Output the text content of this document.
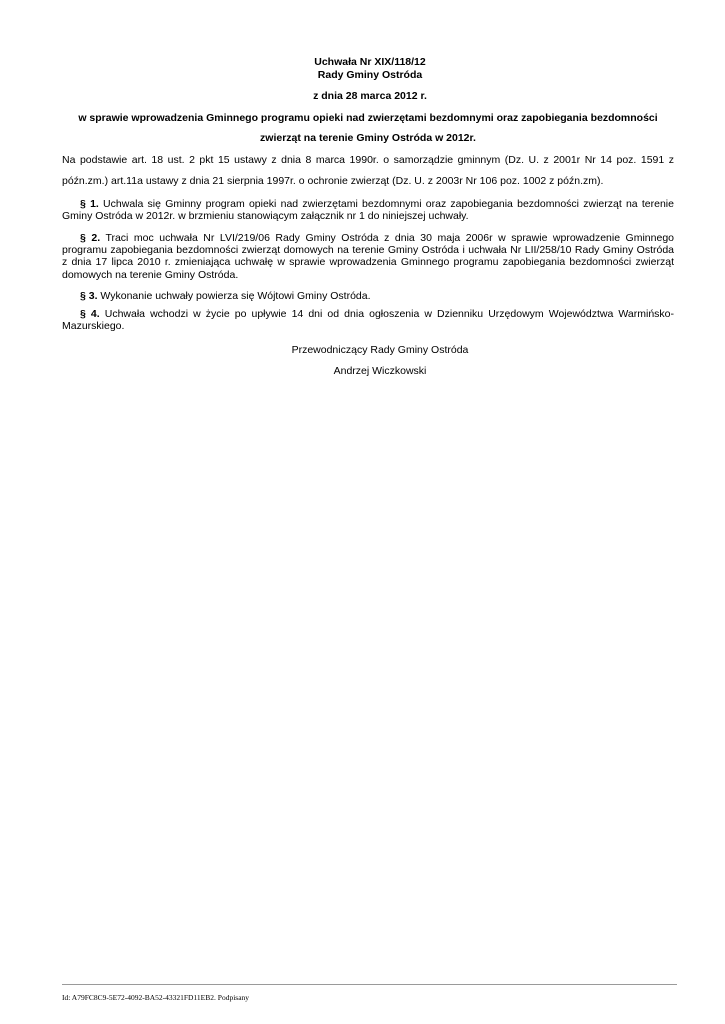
Uchwała Nr XIX/118/12
Rady Gminy Ostróda
z dnia 28 marca 2012 r.
w sprawie wprowadzenia Gminnego programu opieki nad zwierzętami bezdomnymi oraz zapobiegania bezdomności
zwierząt na terenie Gminy Ostróda w 2012r.
Na podstawie art. 18 ust. 2 pkt 15 ustawy z dnia 8 marca 1990r. o samorządzie gminnym (Dz. U. z 2001r Nr 14 poz. 1591 z późn.zm.) art.11a ustawy z dnia 21 sierpnia 1997r. o ochronie zwierząt (Dz. U. z 2003r Nr 106 poz. 1002 z późn.zm).
§ 1. Uchwala się Gminny program opieki nad zwierzętami bezdomnymi oraz zapobiegania bezdomności zwierząt na terenie Gminy Ostróda w 2012r. w brzmieniu stanowiącym załącznik nr 1 do niniejszej uchwały.
§ 2. Traci moc uchwała Nr LVI/219/06 Rady Gminy Ostróda z dnia 30 maja 2006r w sprawie wprowadzenie Gminnego programu zapobiegania bezdomności zwierząt domowych na terenie Gminy Ostróda i uchwała Nr LII/258/10 Rady Gminy Ostróda z dnia 17 lipca 2010 r. zmieniająca uchwałę w sprawie wprowadzenia Gminnego programu zapobiegania bezdomności zwierząt domowych na terenie Gminy Ostróda.
§ 3. Wykonanie uchwały powierza się Wójtowi Gminy Ostróda.
§ 4. Uchwała wchodzi w życie po upływie 14 dni od dnia ogłoszenia w Dzienniku Urzędowym Województwa Warmińsko-Mazurskiego.
Przewodniczący Rady Gminy Ostróda
Andrzej Wiczkowski
Id: A79FC8C9-5E72-4092-BA52-43321FD11EB2. Podpisany
